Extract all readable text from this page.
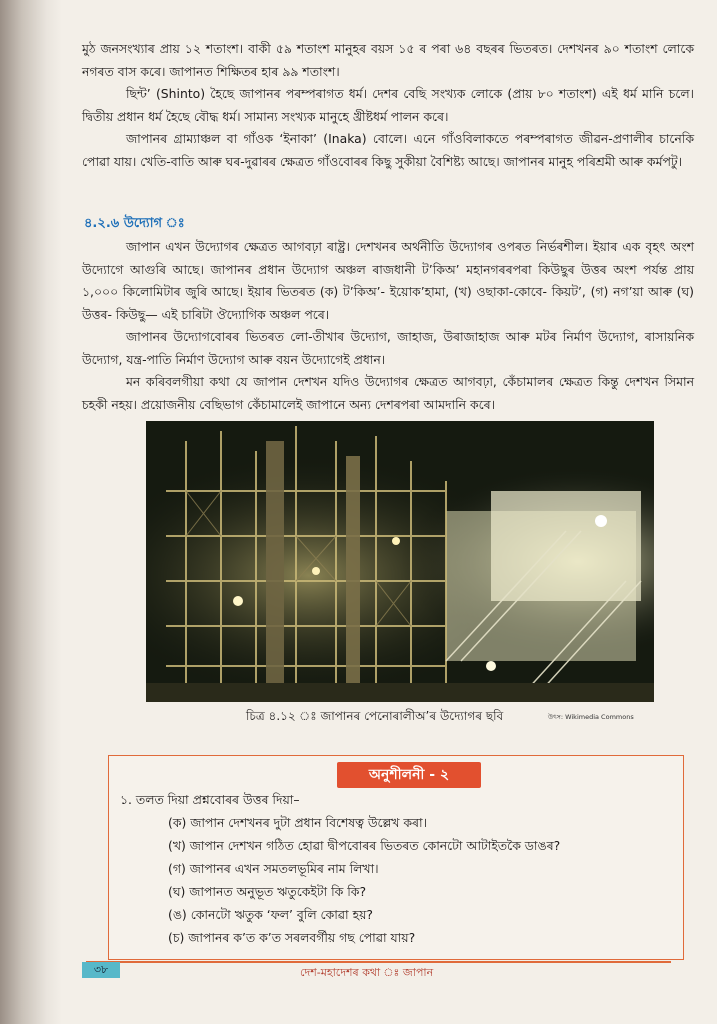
মুঠ জনসংখ্যাৰ প্ৰায় ১২ শতাংশ। বাকী ৫৯ শতাংশ মানুহৰ বয়স ১৫ ৰ পৰা ৬৪ বছৰৰ ভিতৰত। দেশখনৰ ৯০ শতাংশ লোকে নগৰত বাস কৰে। জাপানত শিক্ষিতৰ হাৰ ৯৯ শতাংশ।

ছিন্ট’ (Shinto) হৈছে জাপানৰ পৰম্পৰাগত ধৰ্ম। দেশৰ বেছি সংখ্যক লোকে (প্ৰায় ৮০ শতাংশ) এই ধৰ্ম মানি চলে। দ্বিতীয় প্ৰধান ধৰ্ম হৈছে বৌদ্ধ ধৰ্ম। সামান্য সংখ্যক মানুহে খ্ৰীষ্টধৰ্ম পালন কৰে।

জাপানৰ গ্ৰাম্যাঞ্চল বা গাঁওক ‘ইনাকা’ (Inaka) বোলে। এনে গাঁওবিলাকতে পৰম্পৰাগত জীৱন-প্ৰণালীৰ চানেকি পোৱা যায়। খেতি-বাতি আৰু ঘৰ-দুৱাৰৰ ক্ষেত্ৰত গাঁওবোৰৰ কিছু সুকীয়া বৈশিষ্ট্য আছে। জাপানৰ মানুহ পৰিশ্ৰমী আৰু কৰ্মপটু।

৪.২.৬ উদ্যোগ ঃ

জাপান এখন উদ্যোগৰ ক্ষেত্ৰত আগবঢ়া ৰাষ্ট্ৰ। দেশখনৰ অৰ্থনীতি উদ্যোগৰ ওপৰত নিৰ্ভৰশীল। ইয়াৰ এক বৃহৎ অংশ উদ্যোগে আগুৰি আছে। জাপানৰ প্ৰধান উদ্যোগ অঞ্চল ৰাজধানী ট’কিঅ’ মহানগৰৰপৰা কিউছুৰ উত্তৰ অংশ পৰ্যন্ত প্ৰায় ১,০০০ কিলোমিটাৰ জুৰি আছে। ইয়াৰ ভিতৰত (ক) ট’কিঅ’- ইয়োক’হামা, (খ) ওছাকা-কোবে- কিয়ট’, (গ) নগ’য়া আৰু (ঘ) উত্তৰ- কিউছু— এই চাৰিটা ঔদ্যোগিক অঞ্চল পৰে।

জাপানৰ উদ্যোগবোৰৰ ভিতৰত লো-তীখাৰ উদ্যোগ, জাহাজ, উৰাজাহাজ আৰু মটৰ নিৰ্মাণ উদ্যোগ, ৰাসায়নিক উদ্যোগ, যন্ত্ৰ-পাতি নিৰ্মাণ উদ্যোগ আৰু বয়ন উদ্যোগেই প্ৰধান।

মন কৰিবলগীয়া কথা যে জাপান দেশখন যদিও উদ্যোগৰ ক্ষেত্ৰত আগবঢ়া, কেঁচামালৰ ক্ষেত্ৰত কিন্তু দেশখন সিমান চহকী নহয়। প্ৰয়োজনীয় বেছিভাগ কেঁচামালেই জাপানে অন্য দেশৰপৰা আমদানি কৰে।

চিত্ৰ ৪.১২ ঃ জাপানৰ পেনোৰালীঅ’ৰ উদ্যোগৰ ছবি	উৎস: Wikimedia Commons

অনুশীলনী - ২

১. তলত দিয়া প্ৰশ্নবোৰৰ উত্তৰ দিয়া–

(ক) জাপান দেশখনৰ দুটা প্ৰধান বিশেষত্ব উল্লেখ কৰা।

(খ) জাপান দেশখন গঠিত হোৱা দ্বীপবোৰৰ ভিতৰত কোনটো আটাইতকৈ ডাঙৰ?

(গ) জাপানৰ এখন সমতলভূমিৰ নাম লিখা।

(ঘ) জাপানত অনুভূত ঋতুকেইটা কি কি?

(ঙ) কোনটো ঋতুক ‘ফল’ বুলি কোৱা হয়?

(চ) জাপানৰ ক’ত ক’ত সৰলবৰ্গীয় গছ পোৱা যায়?

৩৮	দেশ-মহাদেশৰ কথা ঃ জাপান
